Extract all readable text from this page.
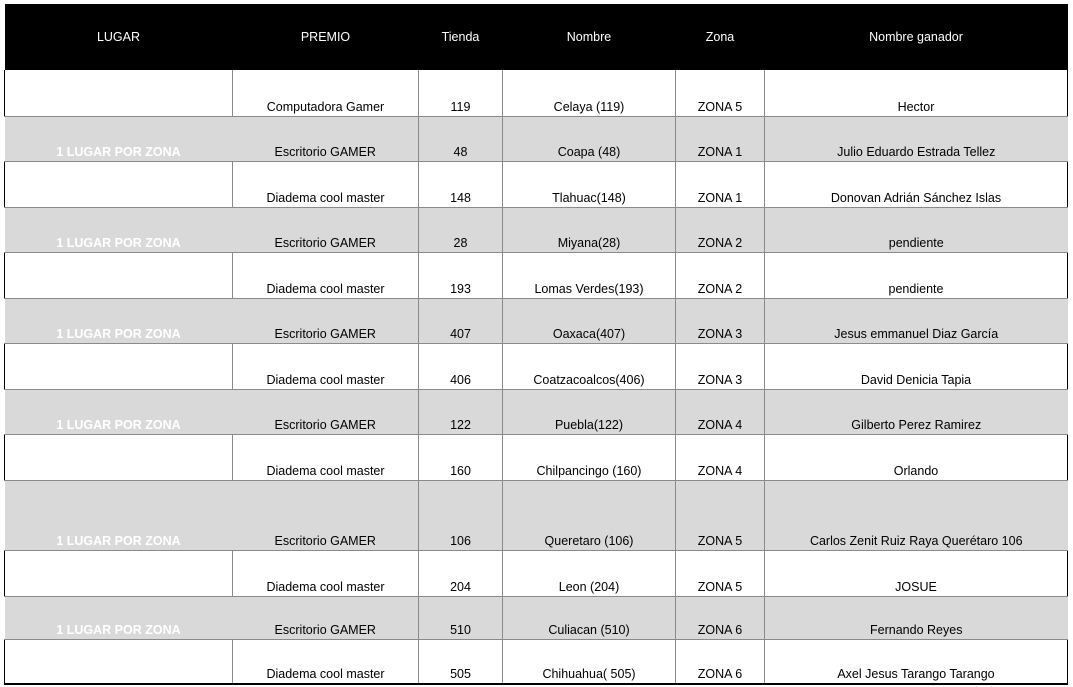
LUGAR	PREMIO	Tienda	Nombre	Zona	Nombre ganador
	Computadora Gamer	119	Celaya (119)	ZONA 5	Hector
1 LUGAR POR ZONA	Escritorio GAMER	48	Coapa (48)	ZONA 1	Julio Eduardo Estrada Tellez
	Diadema cool master	148	Tlahuac(148)	ZONA 1	Donovan Adrián Sánchez Islas
1 LUGAR POR ZONA	Escritorio GAMER	28	Miyana(28)	ZONA 2	pendiente
	Diadema cool master	193	Lomas Verdes(193)	ZONA 2	pendiente
1 LUGAR POR ZONA	Escritorio GAMER	407	Oaxaca(407)	ZONA 3	Jesus emmanuel Diaz García
	Diadema cool master	406	Coatzacoalcos(406)	ZONA 3	David Denicia Tapia
1 LUGAR POR ZONA	Escritorio GAMER	122	Puebla(122)	ZONA 4	Gilberto Perez Ramirez
	Diadema cool master	160	Chilpancingo (160)	ZONA 4	Orlando
1 LUGAR POR ZONA	Escritorio GAMER	106	Queretaro (106)	ZONA 5	Carlos Zenit Ruiz Raya Querétaro 106
	Diadema cool master	204	Leon (204)	ZONA 5	JOSUE
1 LUGAR POR ZONA	Escritorio GAMER	510	Culiacan (510)	ZONA 6	Fernando Reyes
	Diadema cool master	505	Chihuahua( 505)	ZONA 6	Axel Jesus Tarango Tarango
